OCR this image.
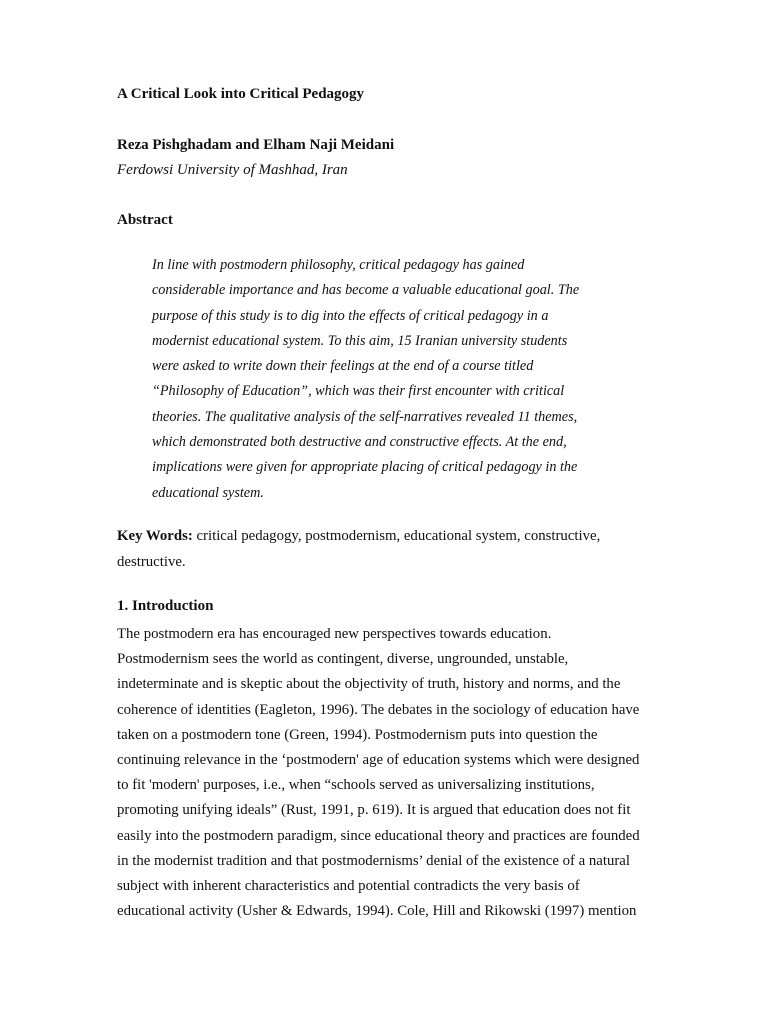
A Critical Look into Critical Pedagogy
Reza Pishghadam and Elham Naji Meidani
Ferdowsi University of Mashhad, Iran
Abstract
In line with postmodern philosophy, critical pedagogy has gained
considerable importance and has become a valuable educational goal. The
purpose of this study is to dig into the effects of critical pedagogy in a
modernist educational system. To this aim, 15 Iranian university students
were asked to write down their feelings at the end of a course titled
“Philosophy of Education”, which was their first encounter with critical
theories. The qualitative analysis of the self-narratives revealed 11 themes,
which demonstrated both destructive and constructive effects. At the end,
implications were given for appropriate placing of critical pedagogy in the
educational system.
Key Words: critical pedagogy, postmodernism, educational system, constructive,
destructive.
1. Introduction
The postmodern era has encouraged new perspectives towards education.
Postmodernism sees the world as contingent, diverse, ungrounded, unstable,
indeterminate and is skeptic about the objectivity of truth, history and norms, and the
coherence of identities (Eagleton, 1996). The debates in the sociology of education have
taken on a postmodern tone (Green, 1994). Postmodernism puts into question the
continuing relevance in the ‘postmodern' age of education systems which were designed
to fit 'modern' purposes, i.e., when “schools served as universalizing institutions,
promoting unifying ideals” (Rust, 1991, p. 619). It is argued that education does not fit
easily into the postmodern paradigm, since educational theory and practices are founded
in the modernist tradition and that postmodernisms’ denial of the existence of a natural
subject with inherent characteristics and potential contradicts the very basis of
educational activity (Usher & Edwards, 1994). Cole, Hill and Rikowski (1997) mention
